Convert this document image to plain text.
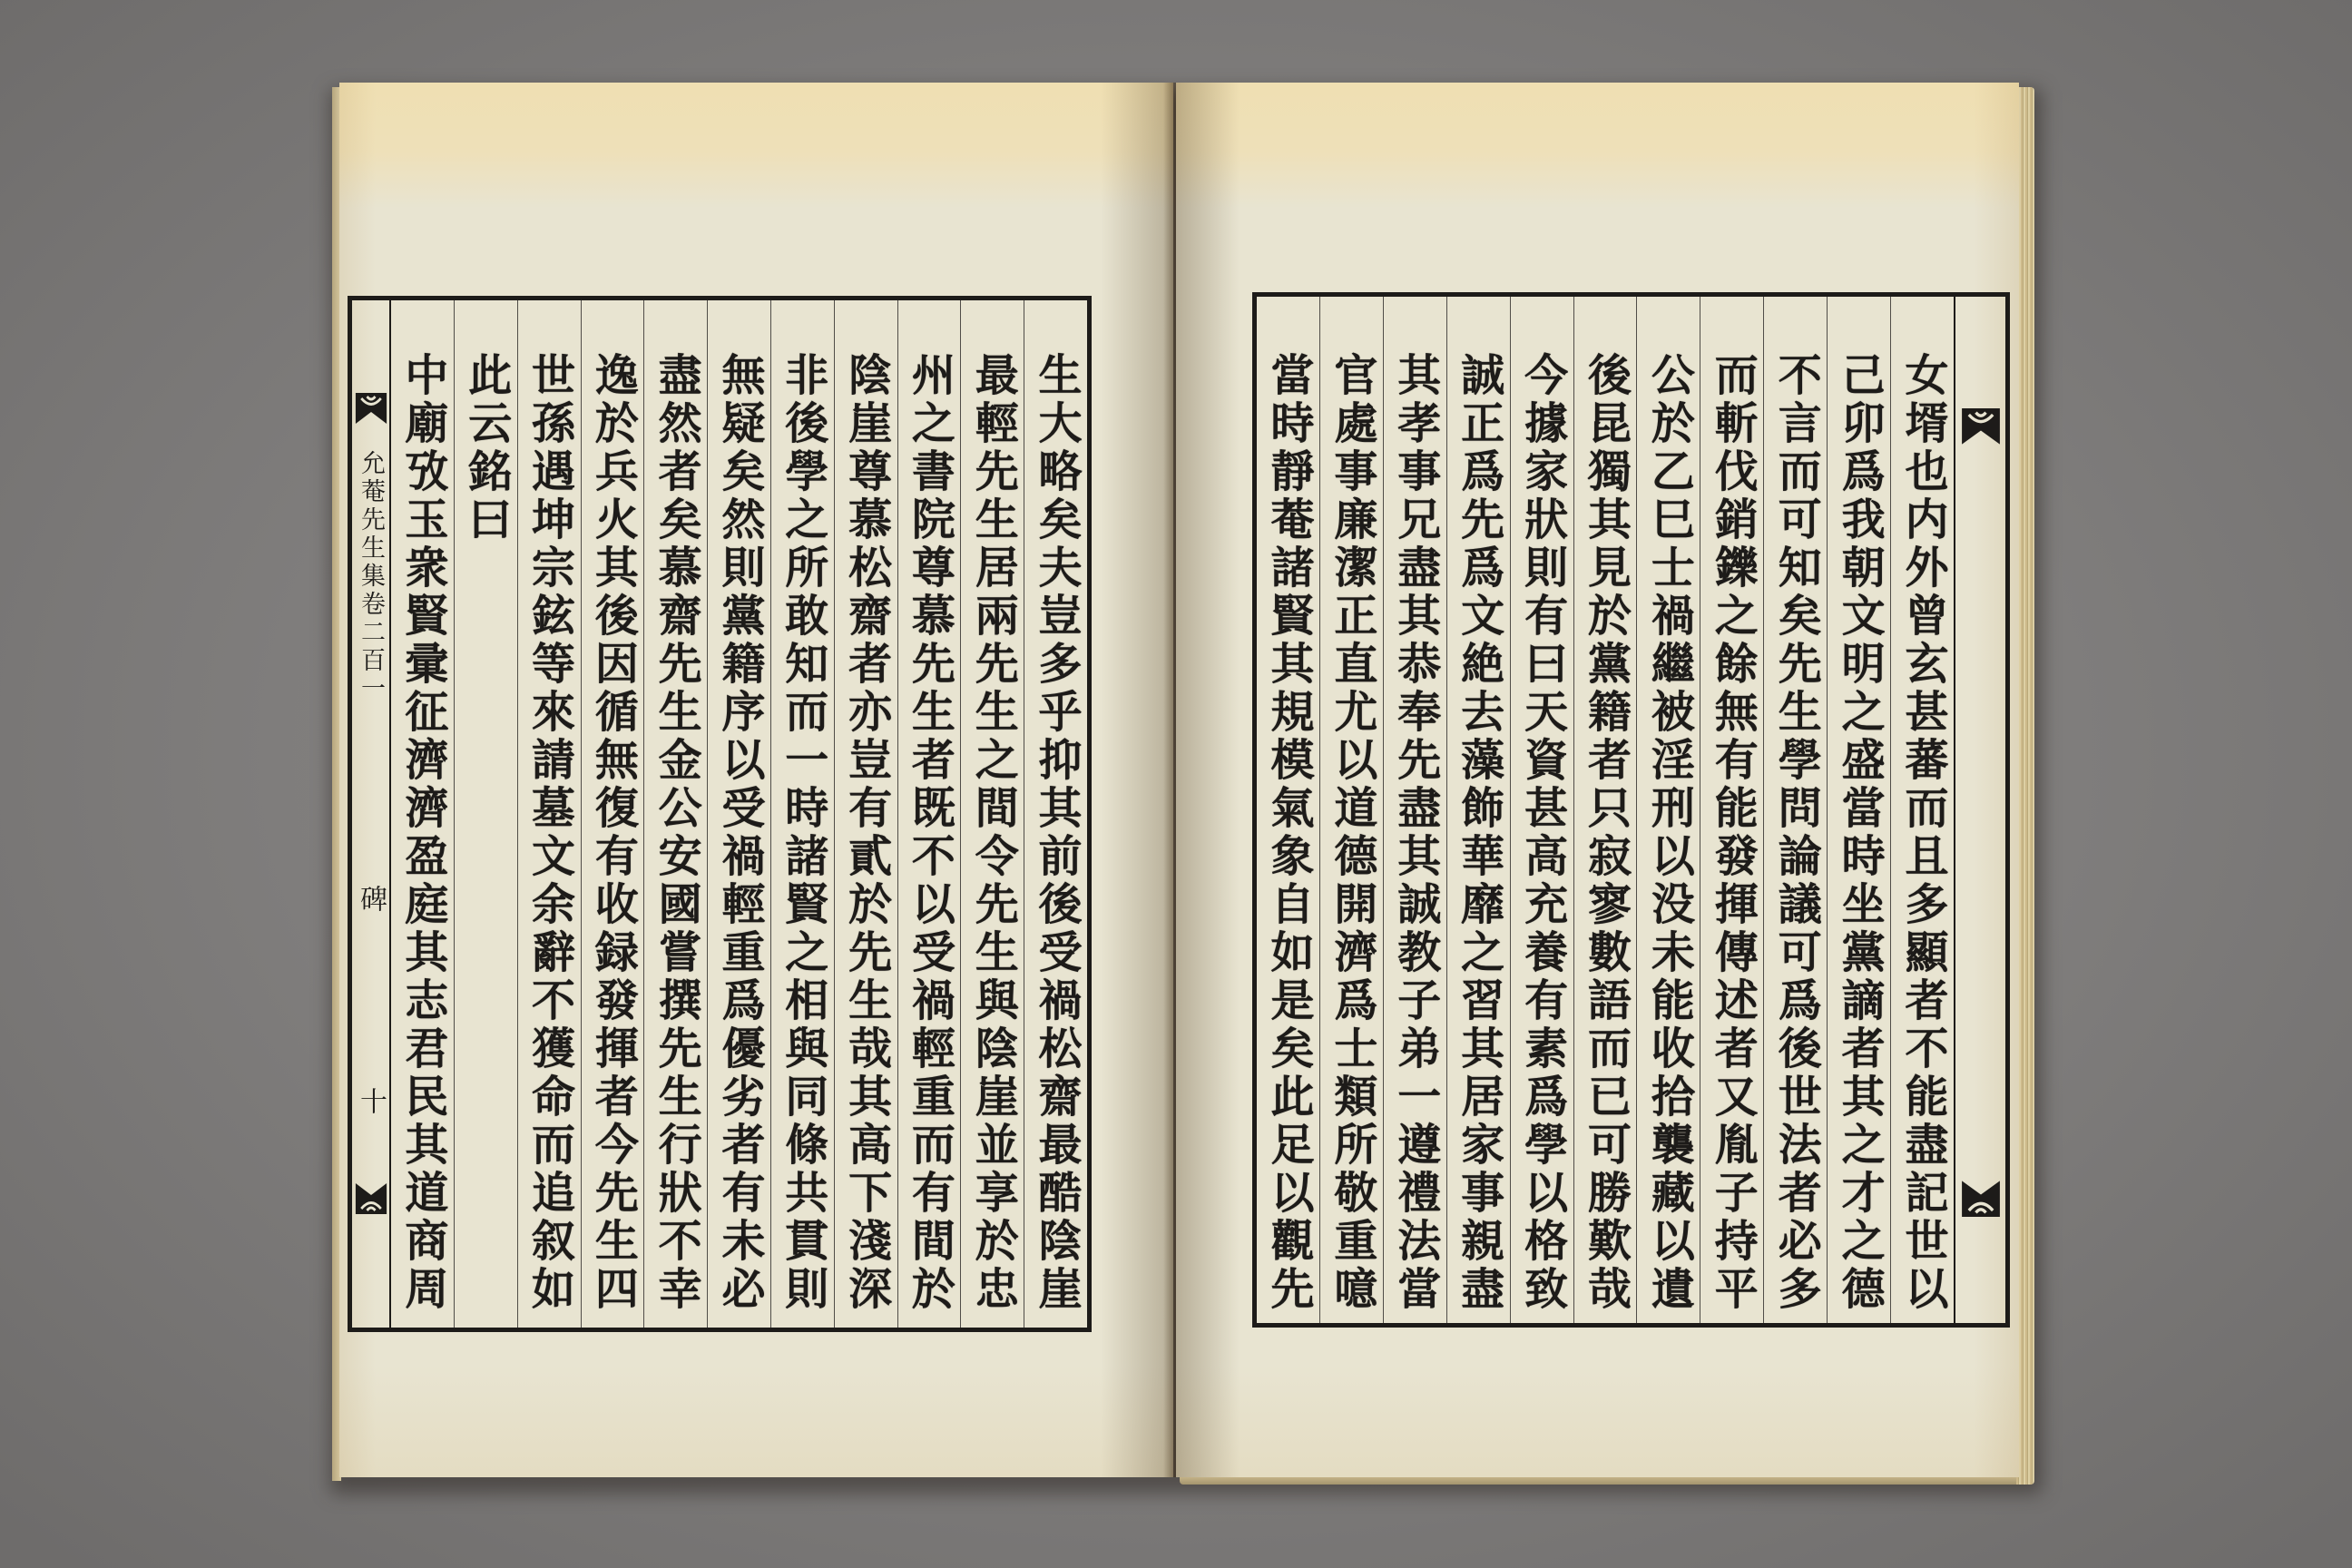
允菴先生集卷二百一
碑
十	生大略矣夫豈多乎抑其前後受禍松齋最酷陰崖
最輕先生居兩先生之間令先生與陰崖並享於忠
州之書院尊慕先生者既不以受禍輕重而有間於
陰崖尊慕松齋者亦豈有貳於先生哉其高下淺深
非後學之所敢知而一時諸賢之相與同條共貫則
無疑矣然則黨籍序以受禍輕重爲優劣者有未必
盡然者矣慕齋先生金公安國嘗撰先生行狀不幸
逸於兵火其後因循無復有收録發揮者今先生四
世孫遇坤宗鉉等來請墓文余辭不獲命而追叙如
此云銘曰
中廟攷玉衆賢彚征濟濟盈庭其志君民其道商周	女壻也内外曾玄甚蕃而且多顯者不能盡記世以
己卯爲我朝文明之盛當時坐黨謫者其之才之德
不言而可知矣先生學問論議可爲後世法者必多
而斬伐銷鑠之餘無有能發揮傳述者又胤子持平
公於乙巳士禍繼被淫刑以没未能收拾襲藏以遺
後昆獨其見於黨籍者只寂寥數語而已可勝歎哉
今據家狀則有曰天資甚高充養有素爲學以格致
誠正爲先爲文絶去藻飾華靡之習其居家事親盡
其孝事兄盡其恭奉先盡其誠教子弟一遵禮法當
官處事廉潔正直尤以道德開濟爲士類所敬重噫
當時靜菴諸賢其規模氣象自如是矣此足以觀先
